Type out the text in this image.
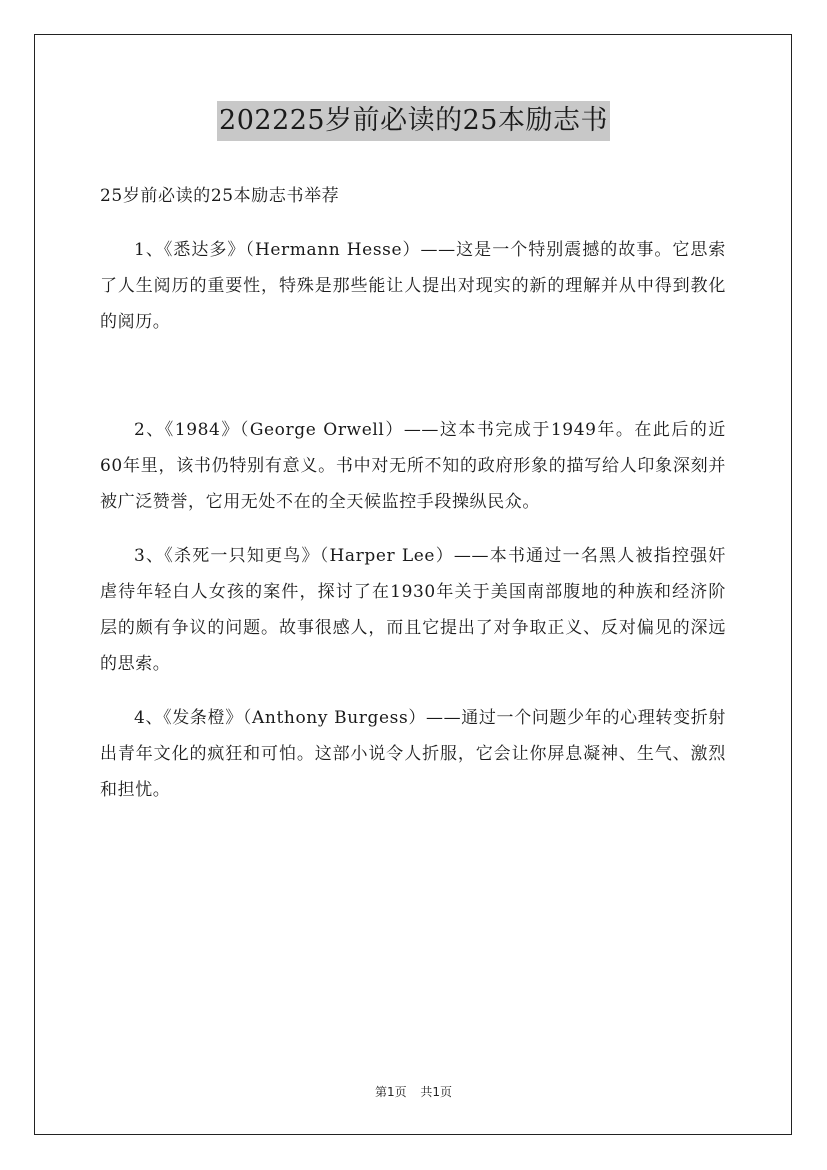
202225岁前必读的25本励志书

25岁前必读的25本励志书举荐

1、《悉达多》（Hermann Hesse）——这是一个特别震撼的故事。它思索了人生阅历的重要性，特殊是那些能让人提出对现实的新的理解并从中得到教化的阅历。

2、《1984》（George Orwell）——这本书完成于1949年。在此后的近60年里，该书仍特别有意义。书中对无所不知的政府形象的描写给人印象深刻并被广泛赞誉，它用无处不在的全天候监控手段操纵民众。

3、《杀死一只知更鸟》（Harper Lee）——本书通过一名黑人被指控强奸虐待年轻白人女孩的案件，探讨了在1930年关于美国南部腹地的种族和经济阶层的颇有争议的问题。故事很感人，而且它提出了对争取正义、反对偏见的深远的思索。

4、《发条橙》（Anthony Burgess）——通过一个问题少年的心理转变折射出青年文化的疯狂和可怕。这部小说令人折服，它会让你屏息凝神、生气、激烈和担忧。

第1页 共1页
